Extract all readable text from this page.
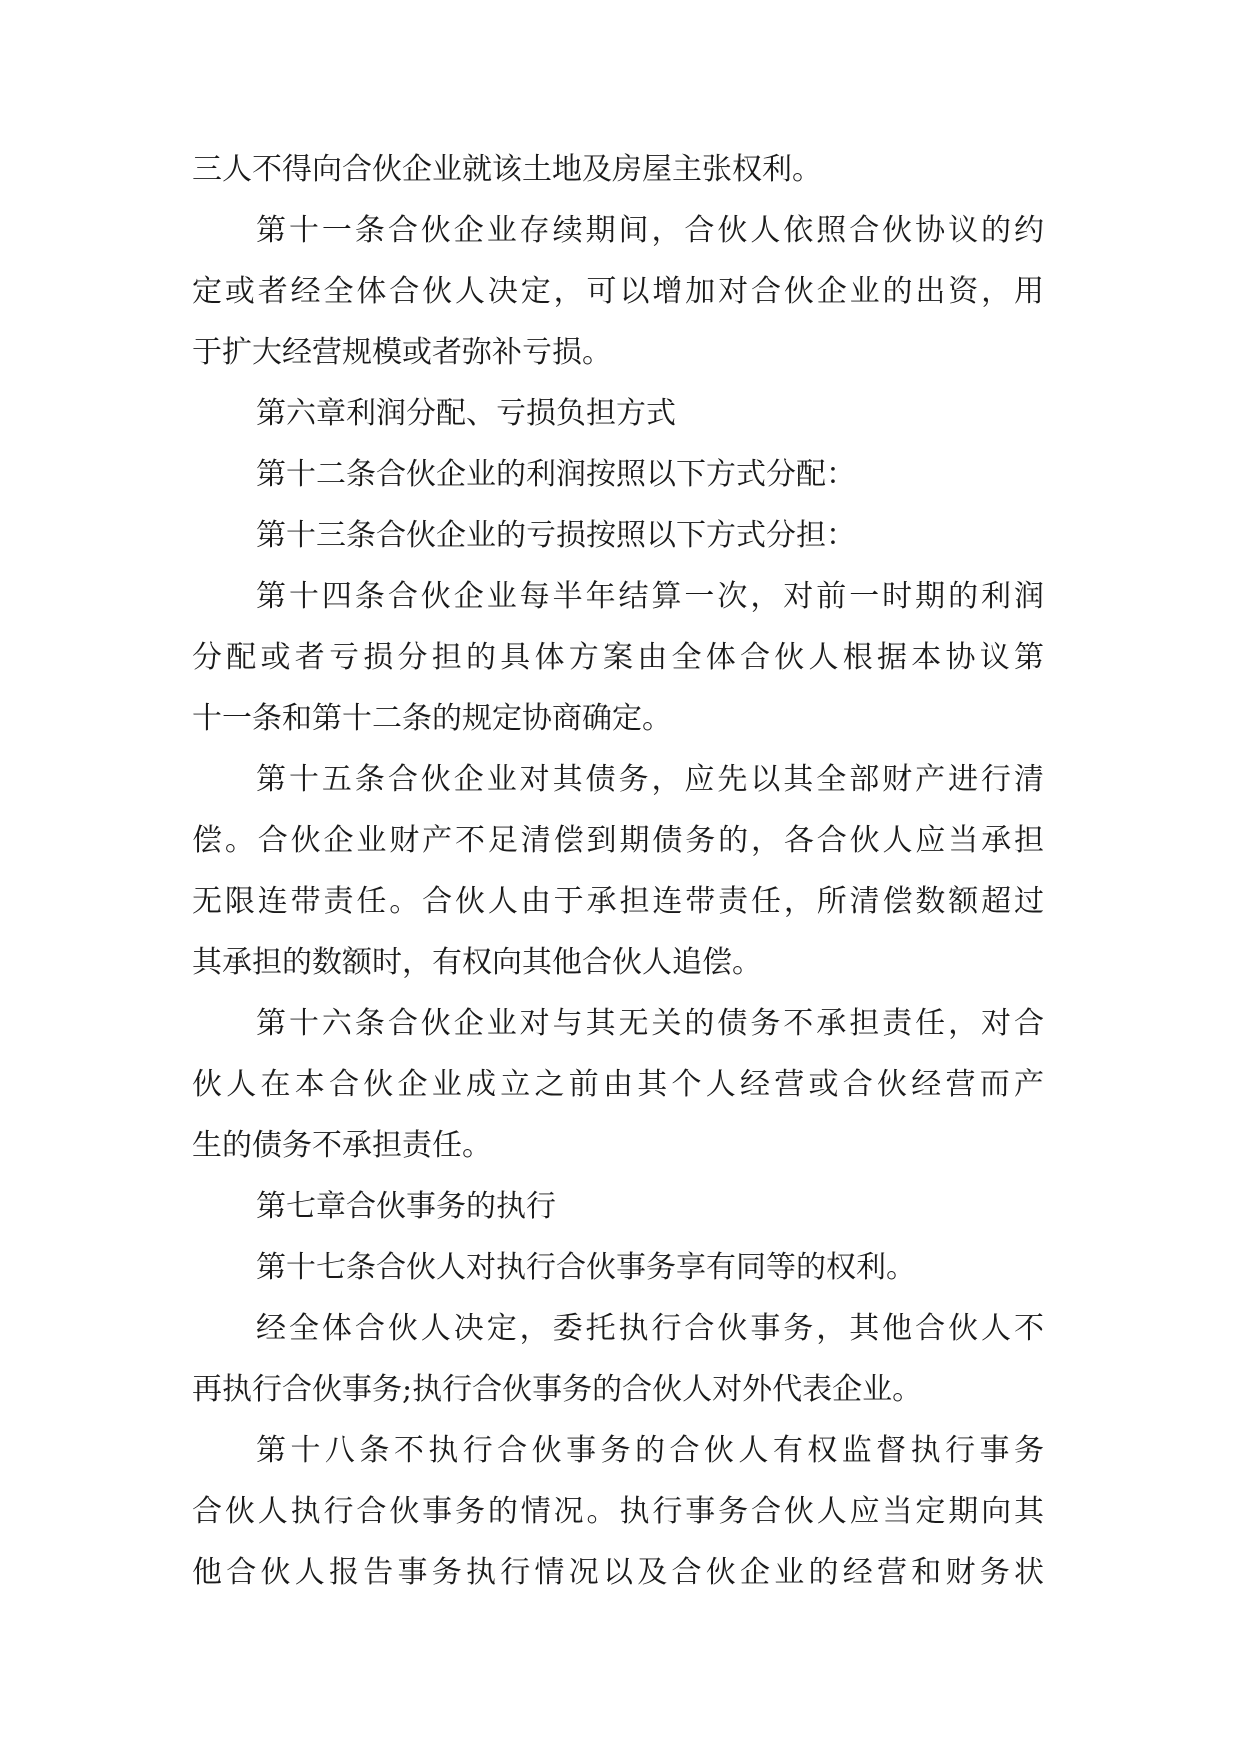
三人不得向合伙企业就该土地及房屋主张权利。
第十一条合伙企业存续期间，合伙人依照合伙协议的约
定或者经全体合伙人决定，可以增加对合伙企业的出资，用
于扩大经营规模或者弥补亏损。
第六章利润分配、亏损负担方式
第十二条合伙企业的利润按照以下方式分配：
第十三条合伙企业的亏损按照以下方式分担：
第十四条合伙企业每半年结算一次，对前一时期的利润
分配或者亏损分担的具体方案由全体合伙人根据本协议第
十一条和第十二条的规定协商确定。
第十五条合伙企业对其债务，应先以其全部财产进行清
偿。合伙企业财产不足清偿到期债务的，各合伙人应当承担
无限连带责任。合伙人由于承担连带责任，所清偿数额超过
其承担的数额时，有权向其他合伙人追偿。
第十六条合伙企业对与其无关的债务不承担责任，对合
伙人在本合伙企业成立之前由其个人经营或合伙经营而产
生的债务不承担责任。
第七章合伙事务的执行
第十七条合伙人对执行合伙事务享有同等的权利。
经全体合伙人决定，委托执行合伙事务，其他合伙人不
再执行合伙事务;执行合伙事务的合伙人对外代表企业。
第十八条不执行合伙事务的合伙人有权监督执行事务
合伙人执行合伙事务的情况。执行事务合伙人应当定期向其
他合伙人报告事务执行情况以及合伙企业的经营和财务状
